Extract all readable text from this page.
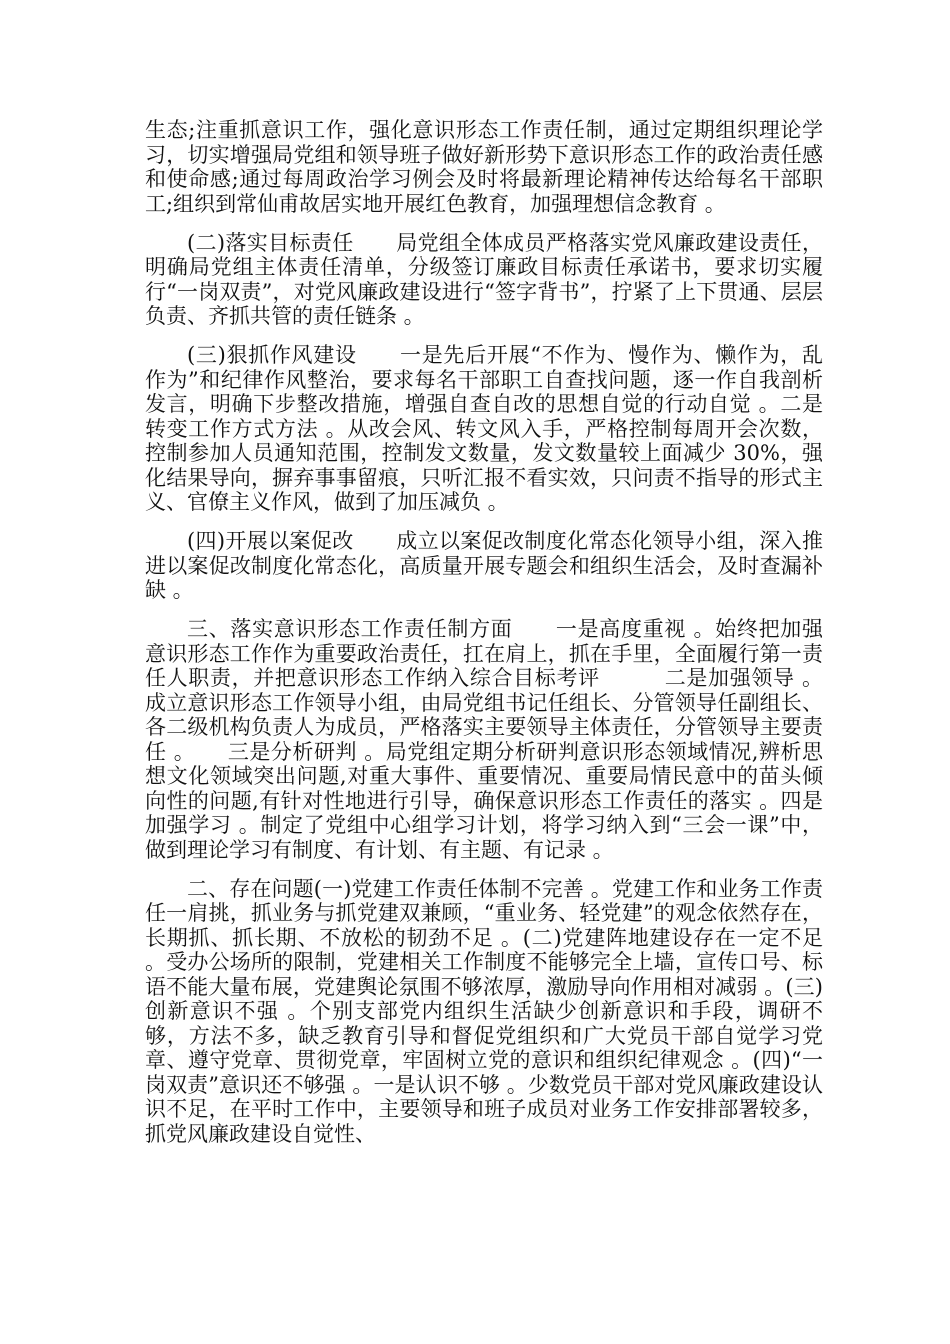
生态;注重抓意识工作，强化意识形态工作责任制，通过定期组织理论学习，切实增强局党组和领导班子做好新形势下意识形态工作的政治责任感和使命感;通过每周政治学习例会及时将最新理论精神传达给每名干部职工;组织到常仙甫故居实地开展红色教育，加强理想信念教育 。

(二)落实目标责任　　局党组全体成员严格落实党风廉政建设责任，明确局党组主体责任清单，分级签订廉政目标责任承诺书，要求切实履行“一岗双责”，对党风廉政建设进行“签字背书”，拧紧了上下贯通、层层负责、齐抓共管的责任链条 。

(三)狠抓作风建设　　一是先后开展“不作为、慢作为、懒作为，乱作为”和纪律作风整治，要求每名干部职工自查找问题，逐一作自我剖析发言，明确下步整改措施，增强自查自改的思想自觉的行动自觉 。二是转变工作方式方法 。从改会风、转文风入手，严格控制每周开会次数，控制参加人员通知范围，控制发文数量，发文数量较上面减少 30%，强化结果导向，摒弃事事留痕，只听汇报不看实效，只问责不指导的形式主义、官僚主义作风，做到了加压减负 。

(四)开展以案促改　　成立以案促改制度化常态化领导小组，深入推进以案促改制度化常态化，高质量开展专题会和组织生活会，及时查漏补缺 。

三、落实意识形态工作责任制方面　　一是高度重视 。始终把加强意识形态工作作为重要政治责任，扛在肩上，抓在手里，全面履行第一责任人职责，并把意识形态工作纳入综合目标考评　　　二是加强领导 。成立意识形态工作领导小组，由局党组书记任组长、分管领导任副组长、各二级机构负责人为成员，严格落实主要领导主体责任，分管领导主要责任 。　　三是分析研判 。局党组定期分析研判意识形态领域情况,辨析思想文化领域突出问题,对重大事件、重要情况、重要局情民意中的苗头倾向性的问题,有针对性地进行引导，确保意识形态工作责任的落实 。四是加强学习 。制定了党组中心组学习计划，将学习纳入到“三会一课”中，做到理论学习有制度、有计划、有主题、有记录 。

二、存在问题(一)党建工作责任体制不完善 。党建工作和业务工作责任一肩挑，抓业务与抓党建双兼顾，“重业务、轻党建”的观念依然存在，长期抓、抓长期、不放松的韧劲不足 。(二)党建阵地建设存在一定不足 。受办公场所的限制，党建相关工作制度不能够完全上墙，宣传口号、标语不能大量布展，党建舆论氛围不够浓厚，激励导向作用相对减弱 。(三)创新意识不强 。个别支部党内组织生活缺少创新意识和手段，调研不够，方法不多，缺乏教育引导和督促党组织和广大党员干部自觉学习党章、遵守党章、贯彻党章，牢固树立党的意识和组织纪律观念 。(四)“一岗双责”意识还不够强 。一是认识不够 。少数党员干部对党风廉政建设认识不足，在平时工作中，主要领导和班子成员对业务工作安排部署较多，抓党风廉政建设自觉性、
